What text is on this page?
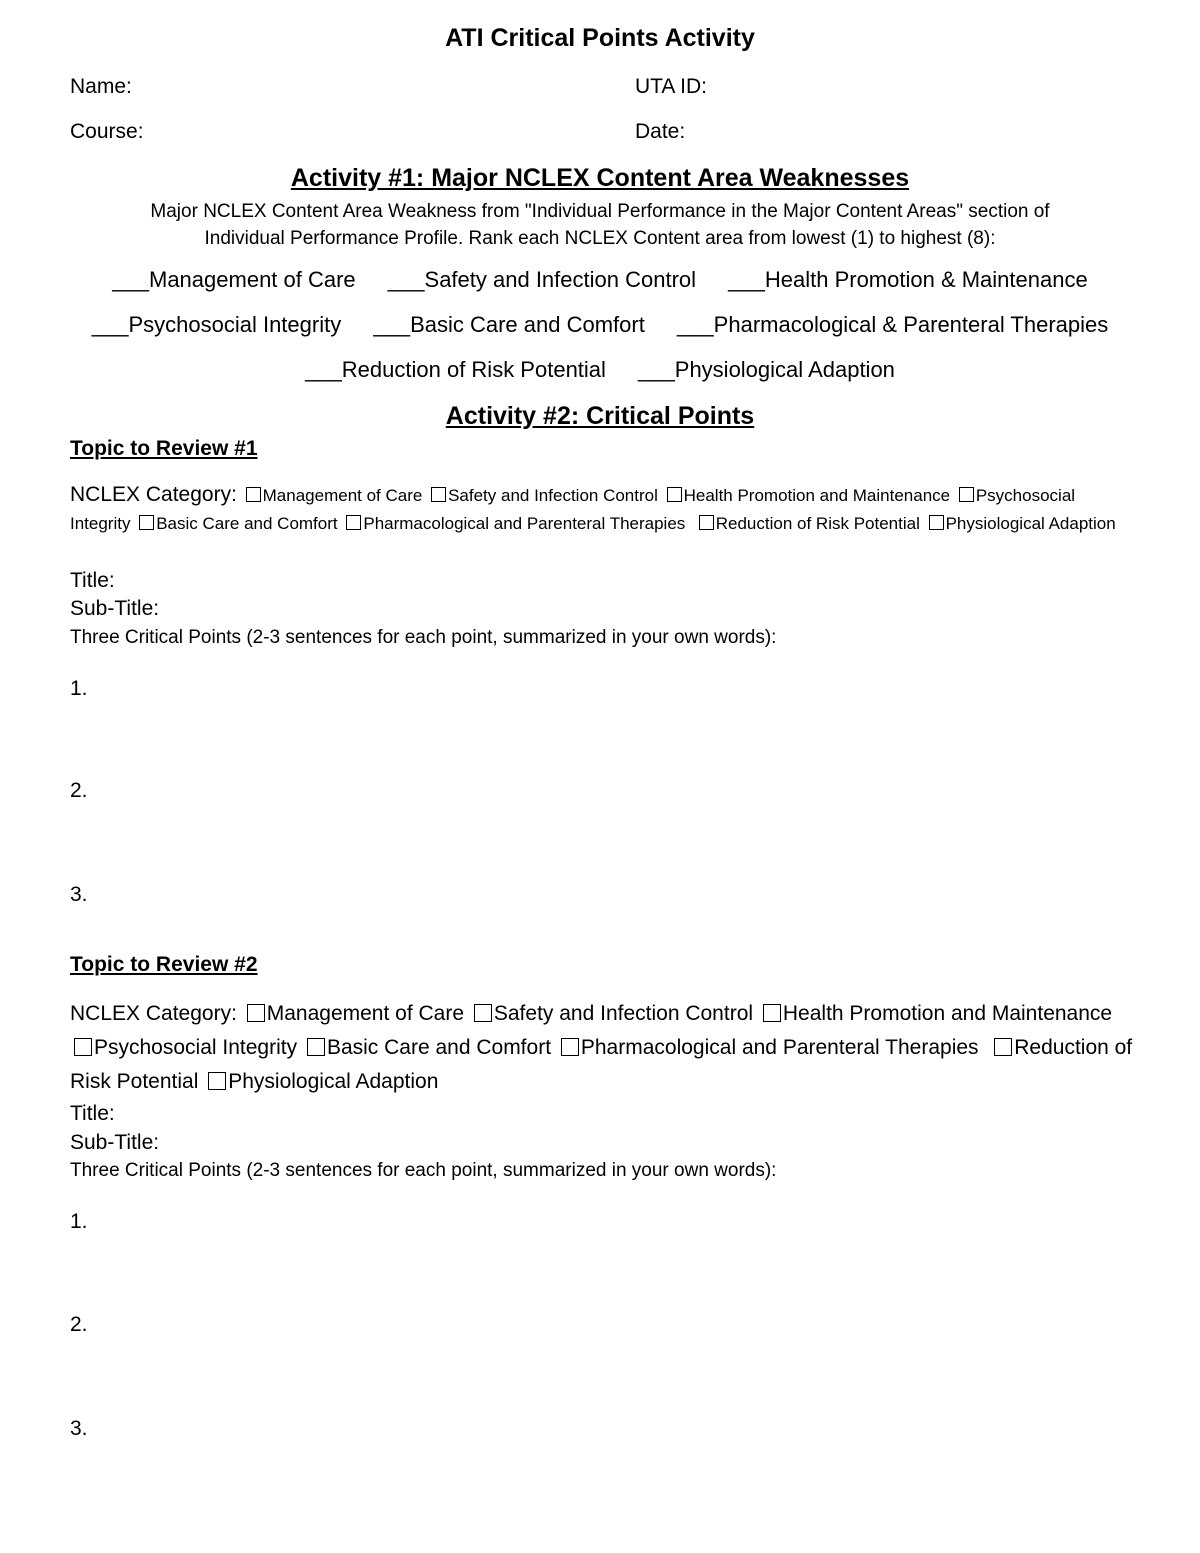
ATI Critical Points Activity
Name:	UTA ID:
Course:	Date:
Activity #1: Major NCLEX Content Area Weaknesses
Major NCLEX Content Area Weakness from "Individual Performance in the Major Content Areas" section of
Individual Performance Profile. Rank each NCLEX Content area from lowest (1) to highest (8):
___Management of Care ___Safety and Infection Control ___Health Promotion & Maintenance
___Psychosocial Integrity ___Basic Care and Comfort ___Pharmacological & Parenteral Therapies
___Reduction of Risk Potential ___Physiological Adaption
Activity #2: Critical Points
Topic to Review #1
NCLEX Category: Management of Care Safety and Infection Control Health Promotion and Maintenance Psychosocial Integrity Basic Care and Comfort Pharmacological and Parenteral Therapies Reduction of Risk Potential Physiological Adaption
Title:
Sub-Title:
Three Critical Points (2-3 sentences for each point, summarized in your own words):
1.
2.
3.
Topic to Review #2
NCLEX Category: Management of Care Safety and Infection Control Health Promotion and Maintenance Psychosocial Integrity Basic Care and Comfort Pharmacological and Parenteral Therapies Reduction of Risk Potential Physiological Adaption
Title:
Sub-Title:
Three Critical Points (2-3 sentences for each point, summarized in your own words):
1.
2.
3.
